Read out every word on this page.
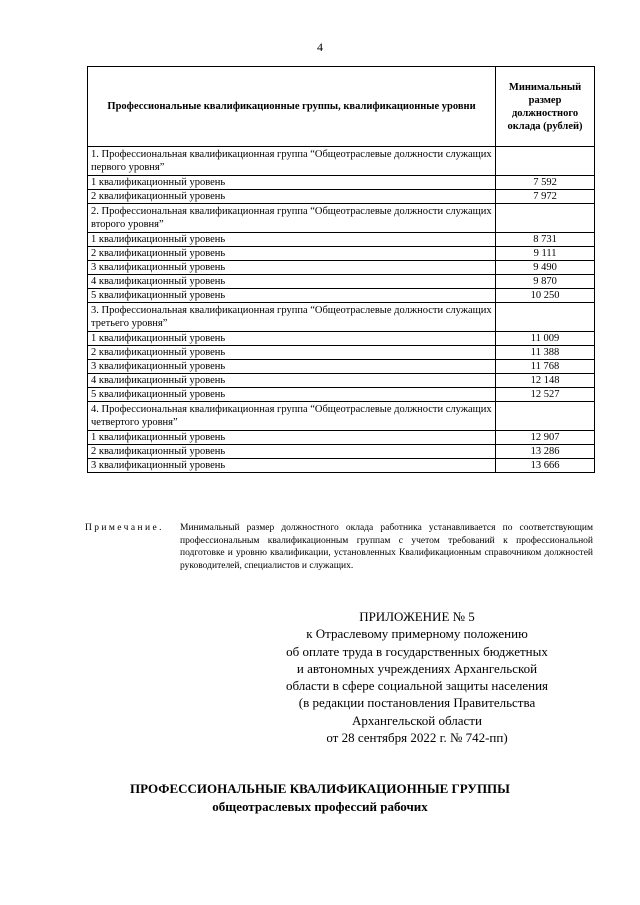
4
Профессиональные квалификационные группы, квалификационные уровни	Минимальный размер должностного оклада (рублей)
1. Профессиональная квалификационная группа “Общеотраслевые должности служащих первого уровня”	
1 квалификационный уровень	7 592
2 квалификационный уровень	7 972
2. Профессиональная квалификационная группа “Общеотраслевые должности служащих второго уровня”	
1 квалификационный уровень	8 731
2 квалификационный уровень	9 111
3 квалификационный уровень	9 490
4 квалификационный уровень	9 870
5 квалификационный уровень	10 250
3. Профессиональная квалификационная группа “Общеотраслевые должности служащих третьего уровня”	
1 квалификационный уровень	11 009
2 квалификационный уровень	11 388
3 квалификационный уровень	11 768
4 квалификационный уровень	12 148
5 квалификационный уровень	12 527
4. Профессиональная квалификационная группа “Общеотраслевые должности служащих четвертого уровня”	
1 квалификационный уровень	12 907
2 квалификационный уровень	13 286
3 квалификационный уровень	13 666
Примечание. Минимальный размер должностного оклада работника устанавливается по соответствующим профессиональным квалификационным группам с учетом требований к профессиональной подготовке и уровню квалификации, установленных Квалификационным справочником должностей руководителей, специалистов и служащих.
ПРИЛОЖЕНИЕ № 5
к Отраслевому примерному положению
об оплате труда в государственных бюджетных
и автономных учреждениях Архангельской
области в сфере социальной защиты населения
(в редакции постановления Правительства
Архангельской области
от 28 сентября 2022 г. № 742-пп)
ПРОФЕССИОНАЛЬНЫЕ КВАЛИФИКАЦИОННЫЕ ГРУППЫ
общеотраслевых профессий рабочих
